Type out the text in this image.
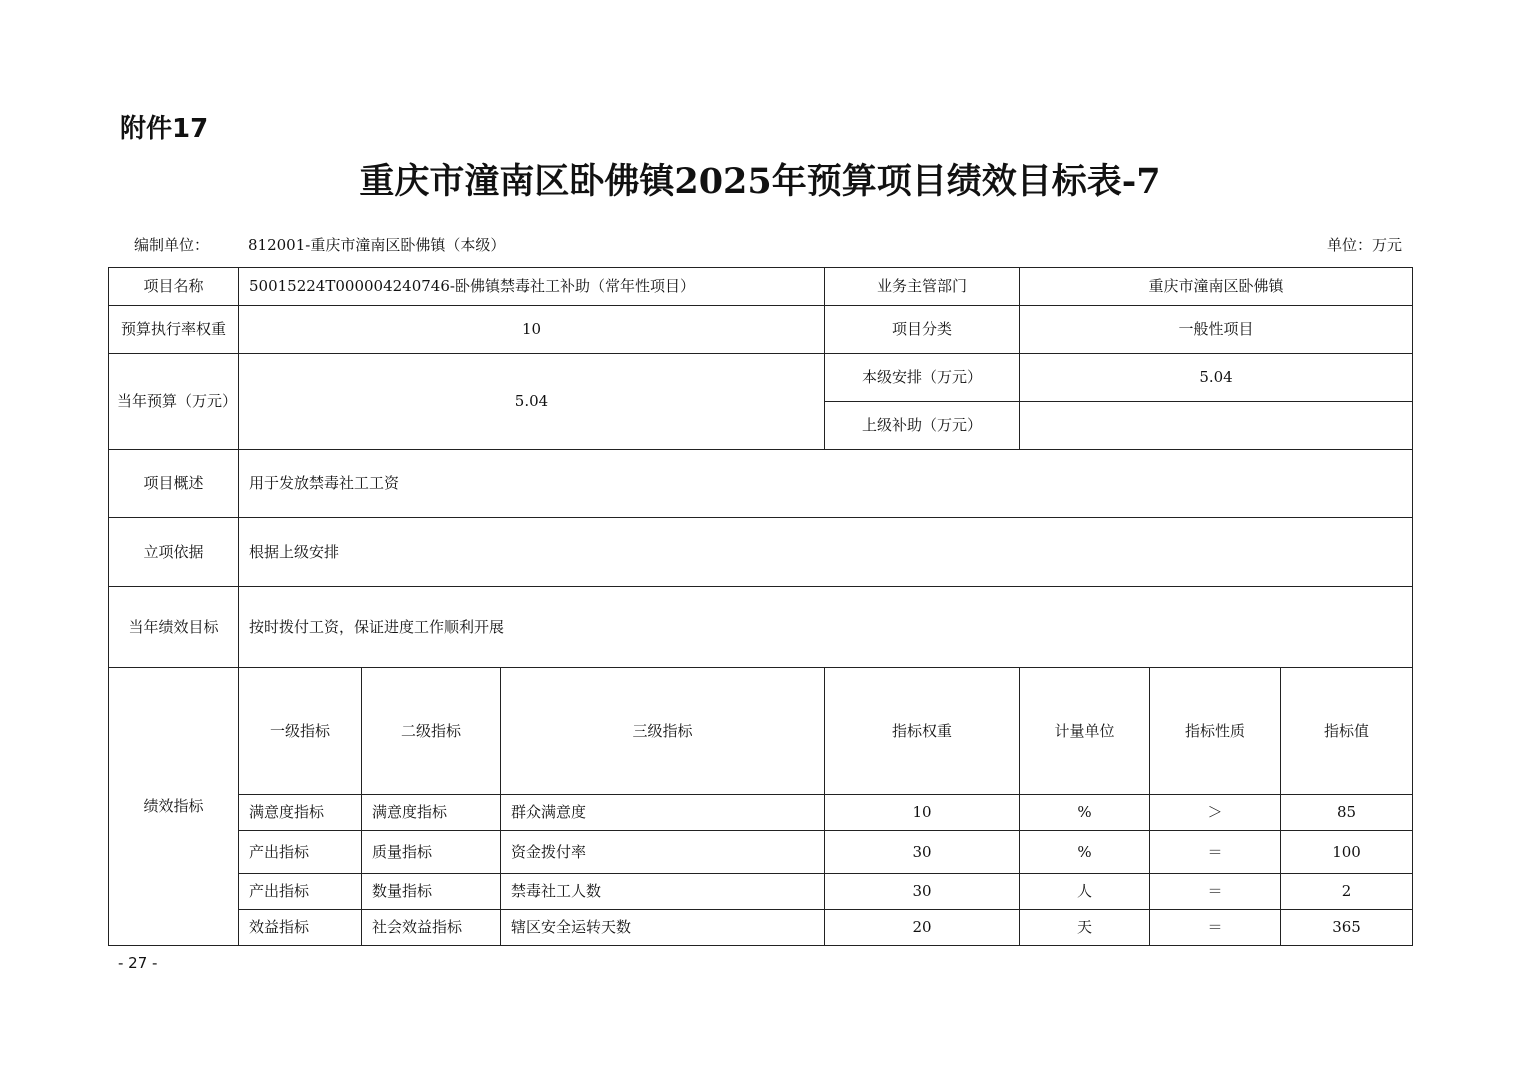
附件17
重庆市潼南区卧佛镇2025年预算项目绩效目标表-7
编制单位：	812001-重庆市潼南区卧佛镇（本级）	单位：万元
项目名称	50015224T000004240746-卧佛镇禁毒社工补助（常年性项目）			业务主管部门	重庆市潼南区卧佛镇			
预算执行率权重	10			项目分类	一般性项目			
当年预算（万元）	5.04			本级安排（万元）	5.04			
				上级补助（万元）				
项目概述	用于发放禁毒社工工资							
立项依据	根据上级安排							
当年绩效目标	按时拨付工资，保证进度工作顺利开展							
绩效指标	一级指标	二级指标	三级指标	指标权重	计量单位	指标性质	指标值	
	满意度指标	满意度指标	群众满意度	10	%	＞	85	
	产出指标	质量指标	资金拨付率	30	%	＝	100	
	产出指标	数量指标	禁毒社工人数	30	人	＝	2	
	效益指标	社会效益指标	辖区安全运转天数	20	天	＝	365	
- 27 -
